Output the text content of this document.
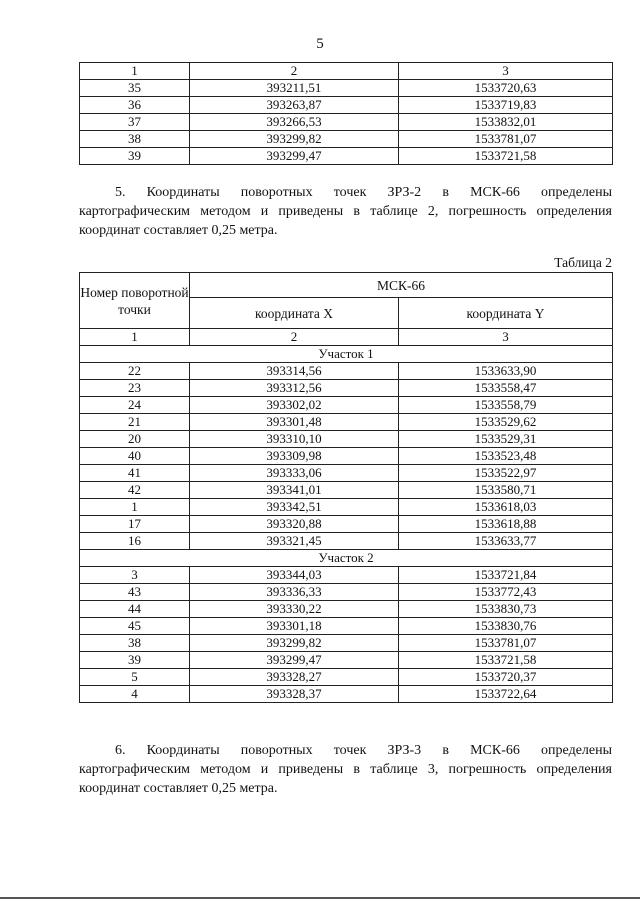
5
1	2	3
35	393211,51	1533720,63
36	393263,87	1533719,83
37	393266,53	1533832,01
38	393299,82	1533781,07
39	393299,47	1533721,58
5. Координаты поворотных точек ЗРЗ-2 в МСК-66 определены
картографическим методом и приведены в таблице 2, погрешность определения
координат составляет 0,25 метра.
Таблица 2
Номер поворотной точки	МСК-66	
	координата X	координата Y
1	2	3
Участок 1		
22	393314,56	1533633,90
23	393312,56	1533558,47
24	393302,02	1533558,79
21	393301,48	1533529,62
20	393310,10	1533529,31
40	393309,98	1533523,48
41	393333,06	1533522,97
42	393341,01	1533580,71
1	393342,51	1533618,03
17	393320,88	1533618,88
16	393321,45	1533633,77
Участок 2		
3	393344,03	1533721,84
43	393336,33	1533772,43
44	393330,22	1533830,73
45	393301,18	1533830,76
38	393299,82	1533781,07
39	393299,47	1533721,58
5	393328,27	1533720,37
4	393328,37	1533722,64
6. Координаты поворотных точек ЗРЗ-3 в МСК-66 определены
картографическим методом и приведены в таблице 3, погрешность определения
координат составляет 0,25 метра.
